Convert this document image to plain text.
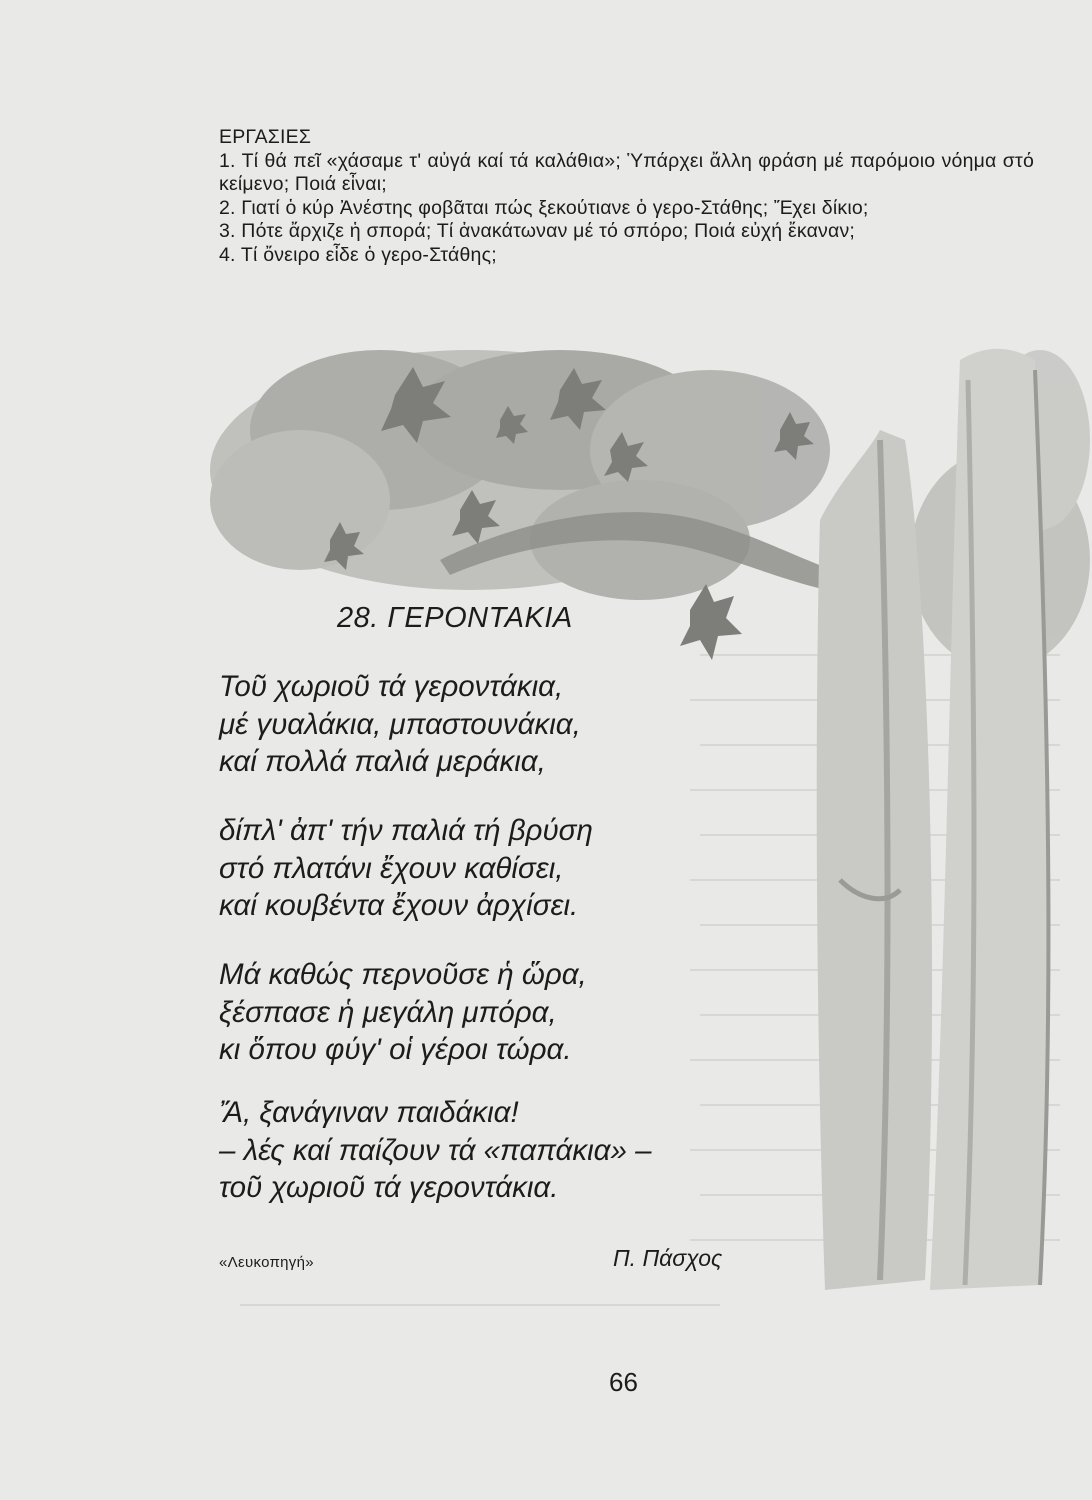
ΕΡΓΑΣΙΕΣ

1. Τί θά πεῖ «χάσαμε τ' αὐγά καί τά καλάθια»; Ὑπάρχει ἄλλη φράση μέ παρόμοιο νόημα στό κείμενο; Ποιά εἶναι;

2. Γιατί ὁ κύρ Ἀνέστης φοβᾶται πώς ξεκούτιανε ὁ γερο-Στάθης; Ἔχει δίκιο;

3. Πότε ἄρχιζε ἡ σπορά; Τί ἀνακάτωναν μέ τό σπόρο; Ποιά εὐχή ἔκαναν;

4. Τί ὄνειρο εἶδε ὁ γερο-Στάθης;

28. ΓΕΡΟΝΤΑΚΙΑ
Τοῦ χωριοῦ τά γεροντάκια,
μέ γυαλάκια, μπαστουνάκια,
καί πολλά παλιά μεράκια,
δίπλ' ἀπ' τήν παλιά τή βρύση
στό πλατάνι ἔχουν καθίσει,
καί κουβέντα ἔχουν ἀρχίσει.
Μά καθώς περνοῦσε ἡ ὥρα,
ξέσπασε ἡ μεγάλη μπόρα,
κι ὅπου φύγ' οἱ γέροι τώρα.
Ἄ, ξανάγιναν παιδάκια!
– λές καί παίζουν τά «παπάκια» –
τοῦ χωριοῦ τά γεροντάκια.
«Λευκοπηγή»	Π. Πάσχος
66
